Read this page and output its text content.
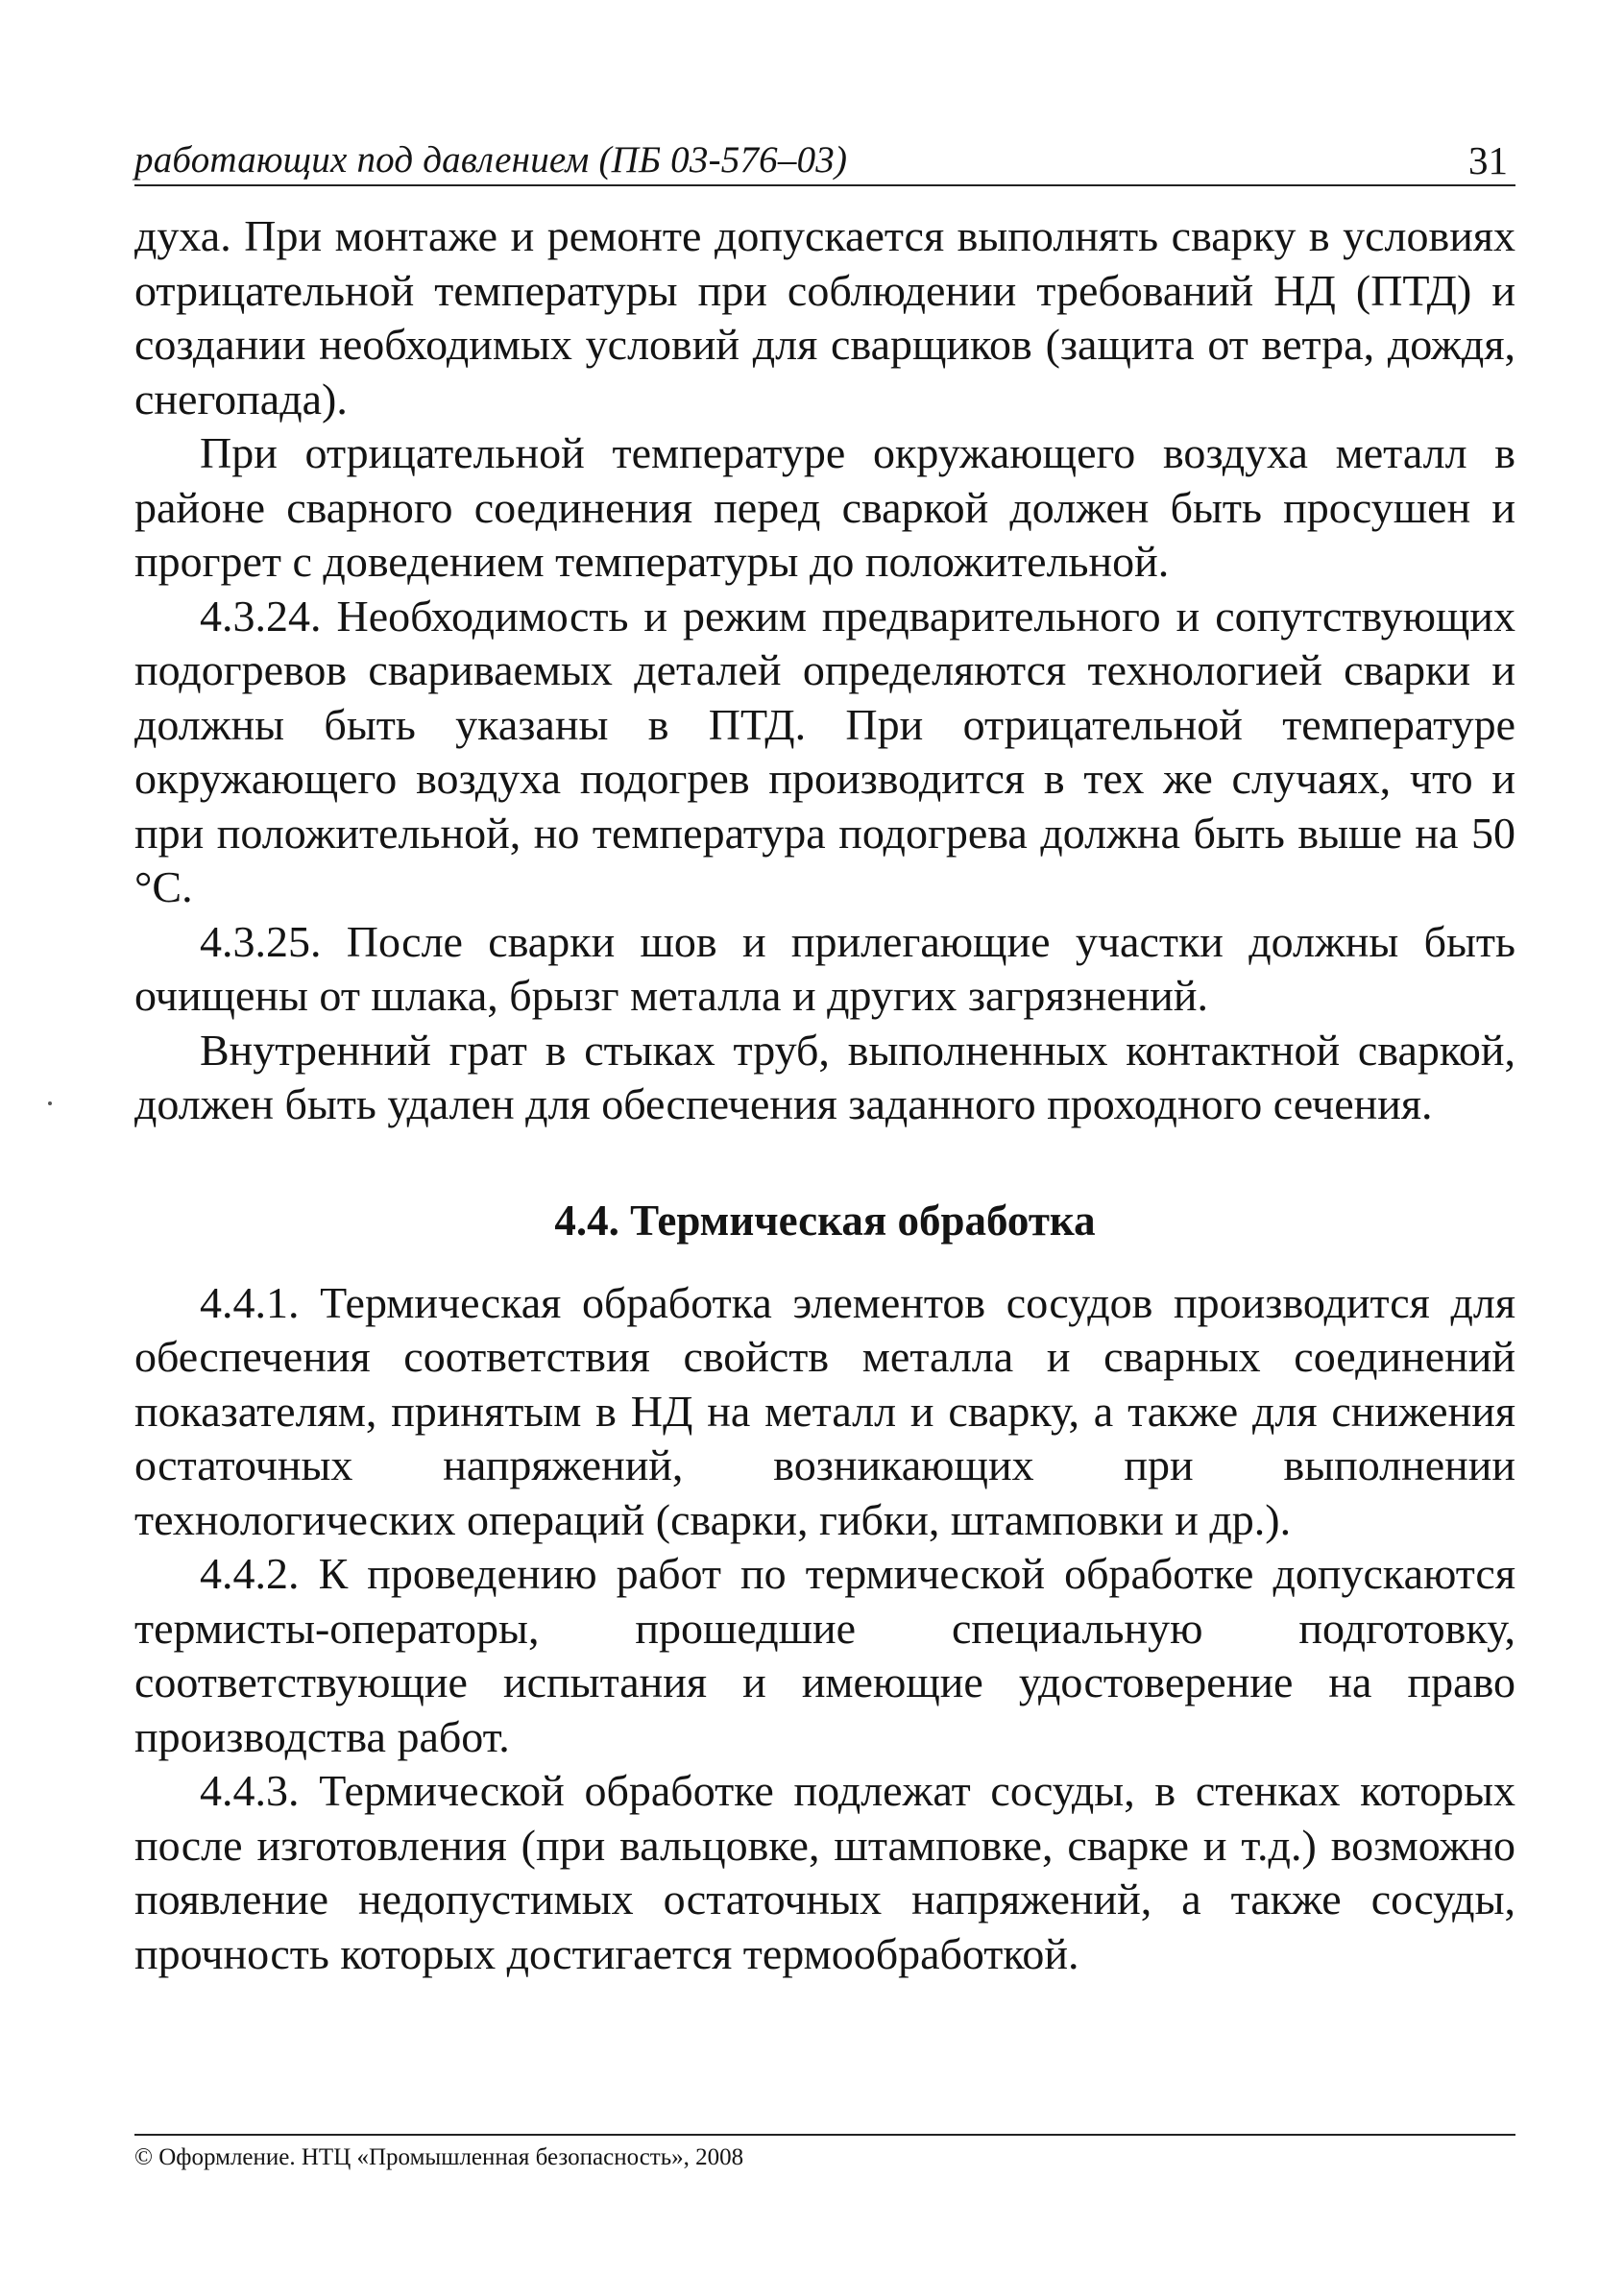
работающих под давлением (ПБ 03-576–03)	31

духа. При монтаже и ремонте допускается выполнять сварку в условиях отрицательной температуры при соблюдении требований НД (ПТД) и создании необходимых условий для сварщиков (защита от ветра, дождя, снегопада).

При отрицательной температуре окружающего воздуха металл в районе сварного соединения перед сваркой должен быть просушен и прогрет с доведением температуры до положительной.

4.3.24. Необходимость и режим предварительного и сопутствующих подогревов свариваемых деталей определяются технологией сварки и должны быть указаны в ПТД. При отрицательной температуре окружающего воздуха подогрев производится в тех же случаях, что и при положительной, но температура подогрева должна быть выше на 50 °С.

4.3.25. После сварки шов и прилегающие участки должны быть очищены от шлака, брызг металла и других загрязнений.

Внутренний грат в стыках труб, выполненных контактной сваркой, должен быть удален для обеспечения заданного проходного сечения.

4.4. Термическая обработка

4.4.1. Термическая обработка элементов сосудов производится для обеспечения соответствия свойств металла и сварных соединений показателям, принятым в НД на металл и сварку, а также для снижения остаточных напряжений, возникающих при выполнении технологических операций (сварки, гибки, штамповки и др.).

4.4.2. К проведению работ по термической обработке допускаются термисты-операторы, прошедшие специальную подготовку, соответствующие испытания и имеющие удостоверение на право производства работ.

4.4.3. Термической обработке подлежат сосуды, в стенках которых после изготовления (при вальцовке, штамповке, сварке и т.д.) возможно появление недопустимых остаточных напряжений, а также сосуды, прочность которых достигается термообработкой.

© Оформление. НТЦ «Промышленная безопасность», 2008
